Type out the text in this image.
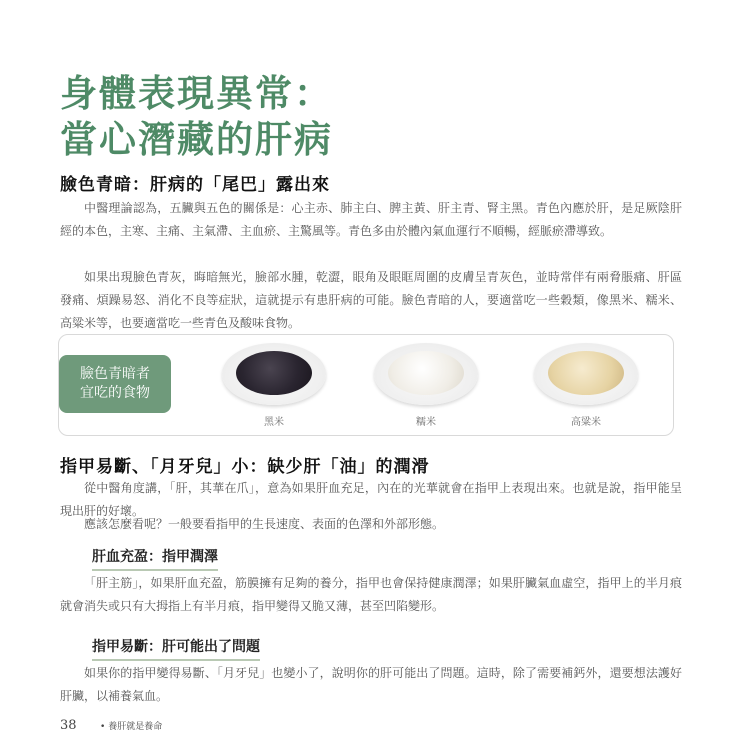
身體表現異常：
當心潛藏的肝病
臉色青暗：肝病的「尾巴」露出來

中醫理論認為，五臟與五色的關係是：心主赤、肺主白、脾主黃、肝主青、腎主黑。青色內應於肝，是足厥陰肝經的本色，主寒、主痛、主氣滯、主血瘀、主驚風等。青色多由於體內氣血運行不順暢，經脈瘀滯導致。

如果出現臉色青灰，晦暗無光，臉部水腫，乾澀，眼角及眼眶周圍的皮膚呈青灰色，並時常伴有兩脅脹痛、肝區發痛、煩躁易怒、消化不良等症狀，這就提示有患肝病的可能。臉色青暗的人，要適當吃一些穀類，像黑米、糯米、高粱米等，也要適當吃一些青色及酸味食物。

臉色青暗者
宜吃的食物
黑米	糯米	高粱米
指甲易斷、「月牙兒」小：缺少肝「油」的潤滑

從中醫角度講，「肝，其華在爪」，意為如果肝血充足，內在的光華就會在指甲上表現出來。也就是說，指甲能呈現出肝的好壞。

應該怎麼看呢？一般要看指甲的生長速度、表面的色澤和外部形態。

肝血充盈：指甲潤澤

「肝主筋」，如果肝血充盈，筋膜擁有足夠的養分，指甲也會保持健康潤澤；如果肝臟氣血虛空，指甲上的半月痕就會消失或只有大拇指上有半月痕，指甲變得又脆又薄，甚至凹陷變形。

指甲易斷：肝可能出了問題

如果你的指甲變得易斷、「月牙兒」也變小了，說明你的肝可能出了問題。這時，除了需要補鈣外，還要想法護好肝臟，以補養氣血。

38	• 養肝就是養命
